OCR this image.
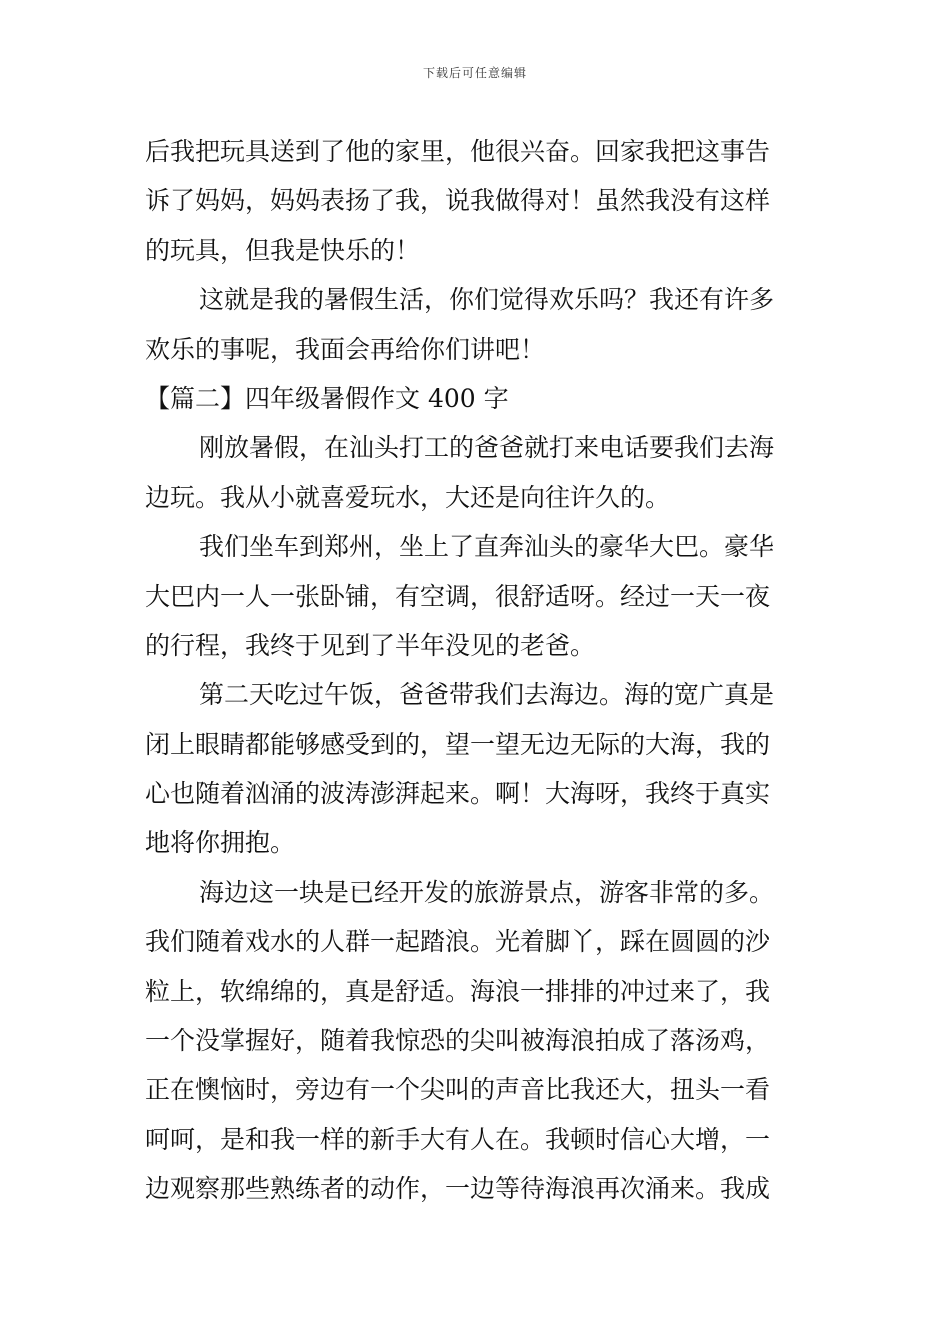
下载后可任意编辑
后我把玩具送到了他的家里，他很兴奋。回家我把这事告
诉了妈妈，妈妈表扬了我，说我做得对！虽然我没有这样
的玩具，但我是快乐的！
这就是我的暑假生活，你们觉得欢乐吗？我还有许多
欢乐的事呢，我面会再给你们讲吧！
【篇二】四年级暑假作文 400 字
刚放暑假，在汕头打工的爸爸就打来电话要我们去海
边玩。我从小就喜爱玩水，大还是向往许久的。
我们坐车到郑州，坐上了直奔汕头的豪华大巴。豪华
大巴内一人一张卧铺，有空调，很舒适呀。经过一天一夜
的行程，我终于见到了半年没见的老爸。
第二天吃过午饭，爸爸带我们去海边。海的宽广真是
闭上眼睛都能够感受到的，望一望无边无际的大海，我的
心也随着汹涌的波涛澎湃起来。啊！大海呀，我终于真实
地将你拥抱。
海边这一块是已经开发的旅游景点，游客非常的多。
我们随着戏水的人群一起踏浪。光着脚丫，踩在圆圆的沙
粒上，软绵绵的，真是舒适。海浪一排排的冲过来了，我
一个没掌握好，随着我惊恐的尖叫被海浪拍成了落汤鸡，
正在懊恼时，旁边有一个尖叫的声音比我还大，扭头一看
呵呵，是和我一样的新手大有人在。我顿时信心大增，一
边观察那些熟练者的动作，一边等待海浪再次涌来。我成
